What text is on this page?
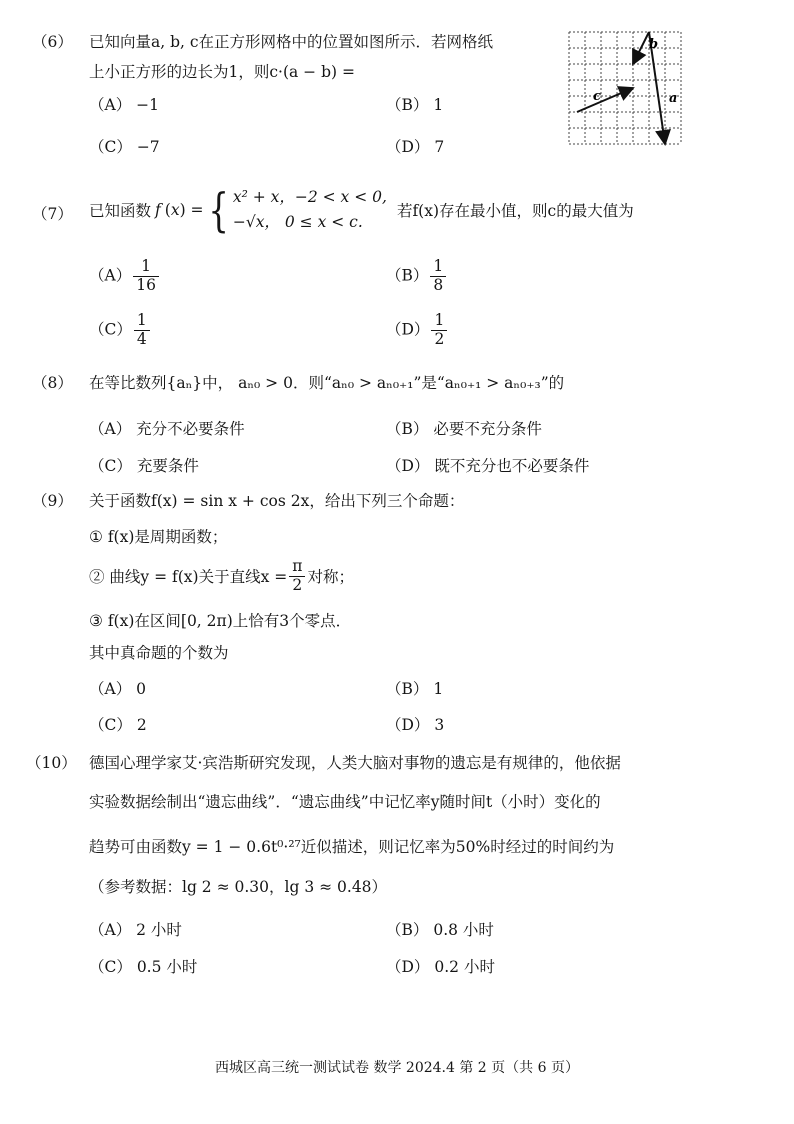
（6） 已知向量a, b, c在正方形网格中的位置如图所示．若网格纸
上小正方形的边长为1，则c·(a − b) =
（A） −1	（B） 1
（C） −7	（D） 7
a
b
c
（7） 已知函数 f ( x ) = { x² + x，−2 < x < 0,
−√x， 0 ≤ x < c.
若f(x)存在最小值，则c的最大值为
$(A) \frac{1}{16}$	$(B) \frac{1}{8}$
$(C) \frac{1}{4}$	$(D) \frac{1}{2}$
（8） 在等比数列{aₙ}中， aₙ₀ > 0．则“aₙ₀ > aₙ₀₊₁”是“aₙ₀₊₁ > aₙ₀₊₃”的
（A） 充分不必要条件	（B） 必要不充分条件
（C） 充要条件	（D） 既不充分也不必要条件
（9） 关于函数f(x) = sin x + cos 2x，给出下列三个命题：
① f(x)是周期函数；
② 曲线y = f(x)关于直线$x = \frac{\pi}{2}$ 对称；
③ f(x)在区间[0, 2π)上恰有3个零点．
其中真命题的个数为
（A） 0	（B） 1
（C） 2	（D） 3
（10） 德国心理学家艾·宾浩斯研究发现，人类大脑对事物的遗忘是有规律的，他依据
实验数据绘制出“遗忘曲线”．“遗忘曲线”中记忆率y随时间t（小时）变化的
趋势可由函数y = 1 − 0.6t⁰·²⁷近似描述，则记忆率为50%时经过的时间约为
（参考数据：lg 2 ≈ 0.30，lg 3 ≈ 0.48）
（A） 2 小时	（B） 0.8 小时
（C） 0.5 小时	（D） 0.2 小时
西城区高三统一测试试卷 数学 2024.4 第 2 页（共 6 页）
